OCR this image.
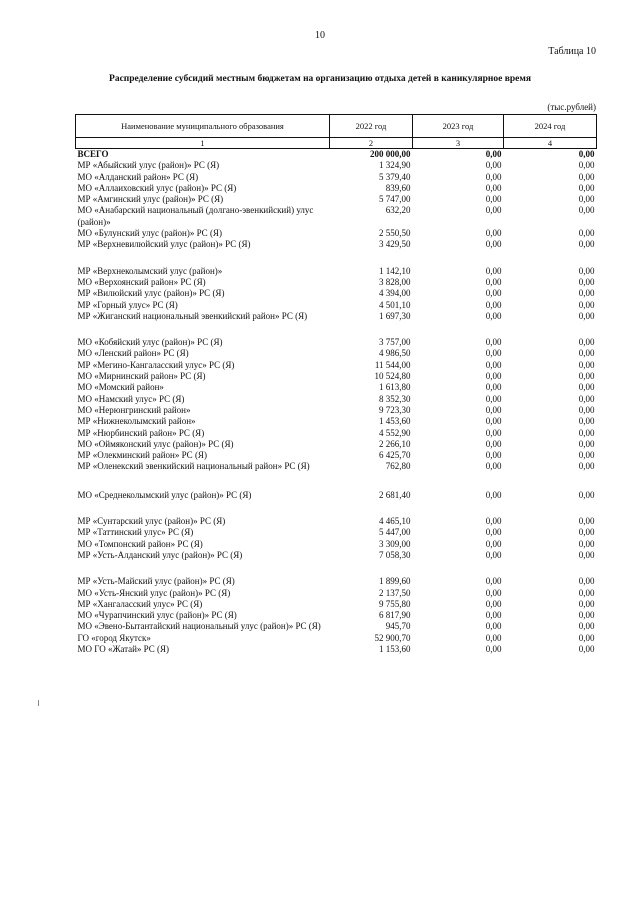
10
Таблица 10
Распределение субсидий местным бюджетам на организацию отдыха детей в каникулярное время
(тыс.рублей)
Наименование муниципального образования	2022 год	2023 год	2024 год
1	2	3	4
ВСЕГО	200 000,00	0,00	0,00
МР «Абыйский улус (район)» РС (Я)	1 324,90	0,00	0,00
МО «Алданский район» РС (Я)	5 379,40	0,00	0,00
МО «Аллаиховский улус (район)» РС (Я)	839,60	0,00	0,00
МР «Амгинский улус (район)» РС (Я)	5 747,00	0,00	0,00
МО «Анабарский национальный (долгано-эвенкийский) улус (район)»	632,20	0,00	0,00
МО «Булунский улус (район)» РС (Я)	2 550,50	0,00	0,00
МР «Верхневилюйский улус (район)» РС (Я)	3 429,50	0,00	0,00

МР «Верхнеколымский улус (район)»	1 142,10	0,00	0,00
МО «Верхоянский район» РС (Я)	3 828,00	0,00	0,00
МР «Вилюйский улус (район)» РС (Я)	4 394,00	0,00	0,00
МР «Горный улус» РС (Я)	4 501,10	0,00	0,00
МР «Жиганский национальный эвенкийский район» РС (Я)	1 697,30	0,00	0,00

МО «Кобяйский улус (район)» РС (Я)	3 757,00	0,00	0,00
МО «Ленский район» РС (Я)	4 986,50	0,00	0,00
МР «Мегино-Кангаласский улус» РС (Я)	11 544,00	0,00	0,00
МО «Мирнинский район» РС (Я)	10 524,80	0,00	0,00
МО «Момский район»	1 613,80	0,00	0,00
МО «Намский улус» РС (Я)	8 352,30	0,00	0,00
МО «Нерюнгринский район»	9 723,30	0,00	0,00
МР «Нижнеколымский район»	1 453,60	0,00	0,00
МР «Нюрбинский район» РС (Я)	4 552,90	0,00	0,00
МО «Оймяконский улус (район)» РС (Я)	2 266,10	0,00	0,00
МР «Олекминский район» РС (Я)	6 425,70	0,00	0,00
МР «Оленекский эвенкийский национальный район» РС (Я)	762,80	0,00	0,00

МО «Среднеколымский улус (район)» РС (Я)	2 681,40	0,00	0,00

МР «Сунтарский улус (район)» РС (Я)	4 465,10	0,00	0,00
МР «Таттинский улус» РС (Я)	5 447,00	0,00	0,00
МО «Томпонский район» РС (Я)	3 309,00	0,00	0,00
МР «Усть-Алданский улус (район)» РС (Я)	7 058,30	0,00	0,00

МР «Усть-Майский улус (район)» РС (Я)	1 899,60	0,00	0,00
МО «Усть-Янский улус (район)» РС (Я)	2 137,50	0,00	0,00
МР «Хангаласский улус» РС (Я)	9 755,80	0,00	0,00
МО «Чурапчинский улус (район)» РС (Я)	6 817,90	0,00	0,00
МО «Эвено-Бытантайский национальный улус (район)» РС (Я)	945,70	0,00	0,00
ГО «город Якутск»	52 900,70	0,00	0,00
МО ГО «Жатай» РС (Я)	1 153,60	0,00	0,00
